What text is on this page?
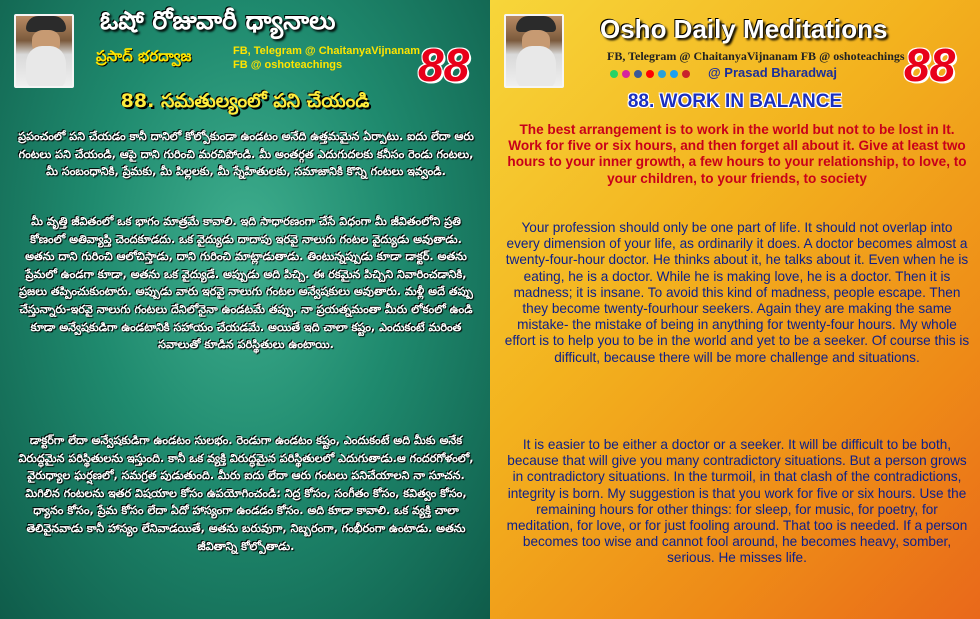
ఓషో రోజువారీ ధ్యానాలు
ప్రసాద్ భరద్వాజ	FB, Telegram @ ChaitanyaVijnanam
FB @ oshoteachings	88
88. సమతుల్యంలో పని చేయండి

ప్రపంచంలో పని చేయడం కానీ దానిలో కోల్పోకుండా ఉండటం అనేది ఉత్తమమైన ఏర్పాటు. ఐదు లేదా ఆరు గంటలు పని చేయండి, ఆపై దాని గురించి మరచిపోండి. మీ అంతర్గత ఎదుగుదలకు కనీసం రెండు గంటలు, మీ సంబంధానికి, ప్రేమకు, మీ పిల్లలకు, మీ స్నేహితులకు, సమాజానికి కొన్ని గంటలు ఇవ్వండి.

మీ వృత్తి జీవితంలో ఒక భాగం మాత్రమే కావాలి. ఇది సాధారణంగా చేసే విధంగా మీ జీవితంలోని ప్రతి కోణంలో అతివ్యాప్తి చెందకూడదు. ఒక వైద్యుడు దాదాపు ఇరవై నాలుగు గంటల వైద్యుడు అవుతాడు. అతను దాని గురించి ఆలోచిస్తాడు, దాని గురించి మాట్లాడుతాడు. తింటున్నప్పుడు కూడా డాక్టర్. అతను ప్రేమలో ఉండగా కూడా, అతను ఒక వైద్యుడే. అప్పుడు అది పిచ్చి. ఈ రకమైన పిచ్చిని నివారించడానికి, ప్రజలు తప్పించుకుంటారు. అప్పుడు వారు ఇరవై నాలుగు గంటల అన్వేషకులు అవుతారు. మళ్లీ అదే తప్పు చేస్తున్నారు-ఇరవై నాలుగు గంటలు దేనిలోనైనా ఉండటమే తప్పు. నా ప్రయత్నమంతా మీరు లోకంలో ఉండి కూడా అన్వేషకుడిగా ఉండటానికి సహాయం చేయడమే. అయితే ఇది చాలా కష్టం, ఎందుకంటే మరింత సవాలుతో కూడిన పరిస్థితులు ఉంటాయి.

డాక్టర్‌గా లేదా అన్వేషకుడిగా ఉండటం సులభం. రెండుగా ఉండటం కష్టం, ఎందుకంటే అది మీకు అనేక విరుద్ధమైన పరిస్థితులను ఇస్తుంది. కానీ ఒక వ్యక్తి విరుద్ధమైన పరిస్థితులలో ఎదుగుతాడు.ఆ గందరగోళంలో, వైరుధ్యాల ఘర్షణలో, సమగ్రత పుడుతుంది. మీరు ఐదు లేదా ఆరు గంటలు పనిచేయాలని నా సూచన. మిగిలిన గంటలను ఇతర విషయాల కోసం ఉపయోగించండి: నిద్ర కోసం, సంగీతం కోసం, కవిత్వం కోసం, ధ్యానం కోసం, ప్రేమ కోసం లేదా ఏదో హాస్యంగా ఉండడం కోసం. అది కూడా కావాలి. ఒక వ్యక్తి చాలా తెలివైనవాడు కానీ హాస్యం లేనివాడయితే, అతను బరువుగా, నిబ్బరంగా, గంభీరంగా ఉంటాడు. అతను జీవితాన్ని కోల్పోతాడు.

Osho Daily Meditations
FB, Telegram @ ChaitanyaVijnanam FB @ oshoteachings
@ Prasad Bharadwaj 88
88. WORK IN BALANCE

The best arrangement is to work in the world but not to be lost in It. Work for five or six hours, and then forget all about it. Give at least two hours to your inner growth, a few hours to your relationship, to love, to your children, to your friends, to society

Your profession should only be one part of life. It should not overlap into every dimension of your life, as ordinarily it does. A doctor becomes almost a twenty-four-hour doctor. He thinks about it, he talks about it. Even when he is eating, he is a doctor. While he is making love, he is a doctor. Then it is madness; it is insane. To avoid this kind of madness, people escape. Then they become twenty-fourhour seekers. Again they are making the same mistake- the mistake of being in anything for twenty-four hours. My whole effort is to help you to be in the world and yet to be a seeker. Of course this is difficult, because there will be more challenge and situations.

It is easier to be either a doctor or a seeker. It will be difficult to be both, because that will give you many contradictory situations. But a person grows in contradictory situations. In the turmoil, in that clash of the contradictions, integrity is born. My suggestion is that you work for five or six hours. Use the remaining hours for other things: for sleep, for music, for poetry, for meditation, for love, or for just fooling around. That too is needed. If a person becomes too wise and cannot fool around, he becomes heavy, somber, serious. He misses life.
